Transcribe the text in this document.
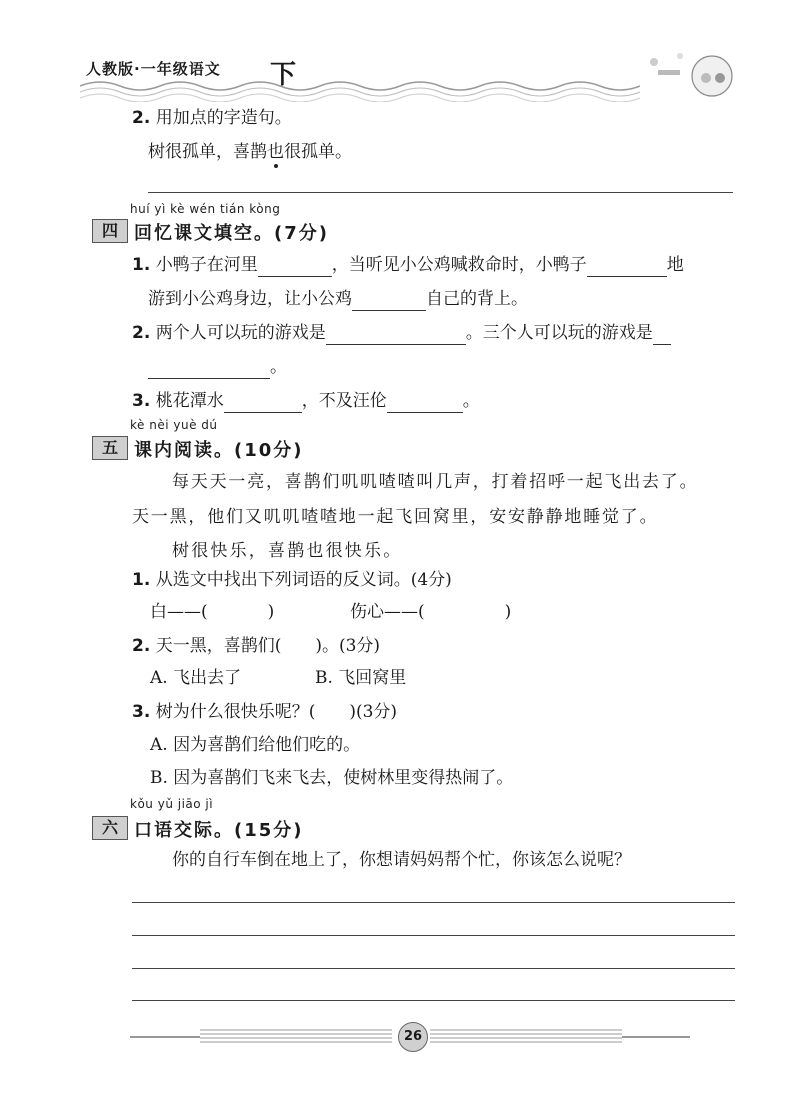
人教版·一年级语文 下
2. 用加点的字造句。
树很孤单，喜鹊也很孤单。
huí yì kè wén tián kòng
四 回忆课文填空。(7分)
1. 小鸭子在河里	，当听见小公鸡喊救命时，小鸭子	地
游到小公鸡身边，让小公鸡	自己的背上。
2. 两个人可以玩的游戏是	。三个人可以玩的游戏是
。
3. 桃花潭水	，不及汪伦	。
kè nèi yuè dú
五 课内阅读。(10分)
每天天一亮，喜鹊们叽叽喳喳叫几声，打着招呼一起飞出去了。
天一黑，他们又叽叽喳喳地一起飞回窝里，安安静静地睡觉了。
树很快乐，喜鹊也很快乐。
1. 从选文中找出下列词语的反义词。(4分)
白——(	)	伤心——(	)
2. 天一黑，喜鹊们(　　)。(3分)
A. 飞出去了	B. 飞回窝里
3. 树为什么很快乐呢？(　　)(3分)
A. 因为喜鹊们给他们吃的。
B. 因为喜鹊们飞来飞去，使树林里变得热闹了。
kǒu yǔ jiāo jì
六 口语交际。(15分)
你的自行车倒在地上了，你想请妈妈帮个忙，你该怎么说呢？
26
